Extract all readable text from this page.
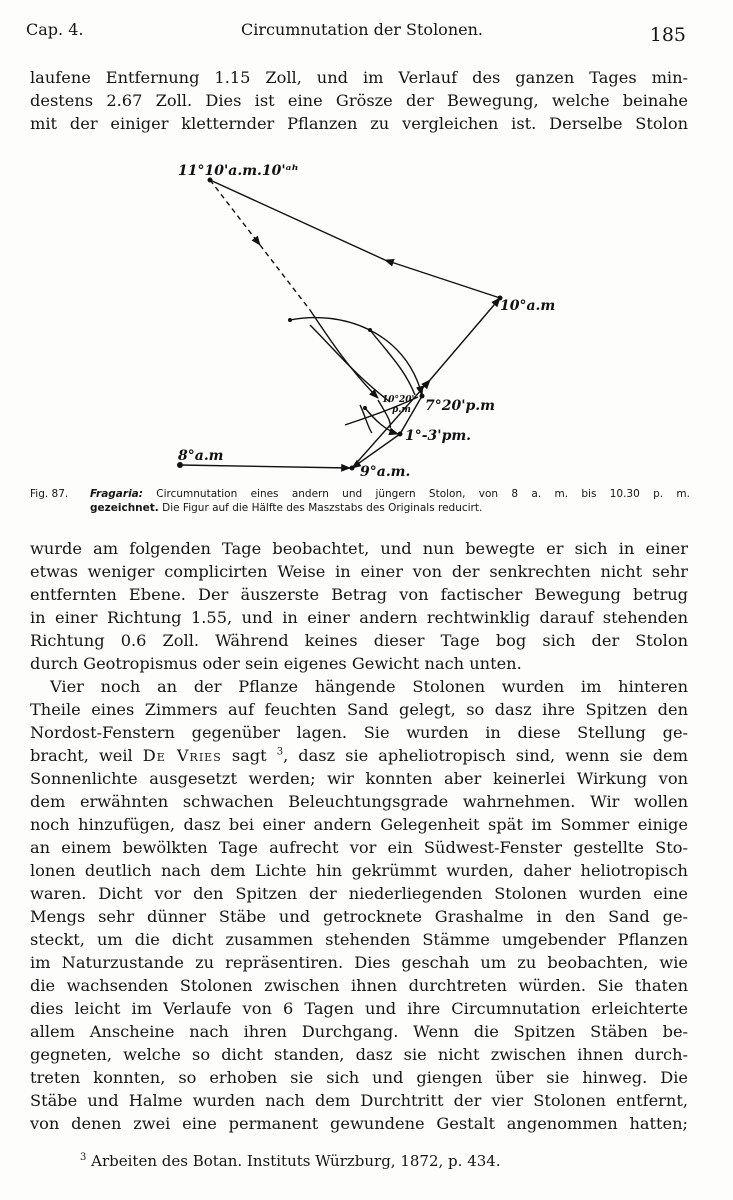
Cap. 4.	Circumnutation der Stolonen.	185
laufene Entfernung 1.15 Zoll, und im Verlauf des ganzen Tages min-
destens 2.67 Zoll. Dies ist eine Grösze der Bewegung, welche beinahe
mit der einiger kletternder Pflanzen zu vergleichen ist. Derselbe Stolon
11°10'a.m.10'ᵃʰ
10°a.m
10°20'
p.m 7°20'p.m
1°-3'pm.
8°a.m
9°a.m.
Fig. 87. Fragaria: Circumnutation eines andern und jüngern Stolon, von 8 a. m. bis 10.30 p. m.
gezeichnet. Die Figur auf die Hälfte des Maszstabs des Originals reducirt.
wurde am folgenden Tage beobachtet, und nun bewegte er sich in einer
etwas weniger complicirten Weise in einer von der senkrechten nicht sehr
entfernten Ebene. Der äuszerste Betrag von factischer Bewegung betrug
in einer Richtung 1.55, und in einer andern rechtwinklig darauf stehenden
Richtung 0.6 Zoll. Während keines dieser Tage bog sich der Stolon
durch Geotropismus oder sein eigenes Gewicht nach unten.
Vier noch an der Pflanze hängende Stolonen wurden im hinteren
Theile eines Zimmers auf feuchten Sand gelegt, so dasz ihre Spitzen den
Nordost-Fenstern gegenüber lagen. Sie wurden in diese Stellung ge-
bracht, weil De Vries sagt $^3$, dasz sie apheliotropisch sind, wenn sie dem
Sonnenlichte ausgesetzt werden; wir konnten aber keinerlei Wirkung von
dem erwähnten schwachen Beleuchtungsgrade wahrnehmen. Wir wollen
noch hinzufügen, dasz bei einer andern Gelegenheit spät im Sommer einige
an einem bewölkten Tage aufrecht vor ein Südwest-Fenster gestellte Sto-
lonen deutlich nach dem Lichte hin gekrümmt wurden, daher heliotropisch
waren. Dicht vor den Spitzen der niederliegenden Stolonen wurden eine
Mengs sehr dünner Stäbe und getrocknete Grashalme in den Sand ge-
steckt, um die dicht zusammen stehenden Stämme umgebender Pflanzen
im Naturzustande zu repräsentiren. Dies geschah um zu beobachten, wie
die wachsenden Stolonen zwischen ihnen durchtreten würden. Sie thaten
dies leicht im Verlaufe von 6 Tagen und ihre Circumnutation erleichterte
allem Anscheine nach ihren Durchgang. Wenn die Spitzen Stäben be-
gegneten, welche so dicht standen, dasz sie nicht zwischen ihnen durch-
treten konnten, so erhoben sie sich und giengen über sie hinweg. Die
Stäbe und Halme wurden nach dem Durchtritt der vier Stolonen entfernt,
von denen zwei eine permanent gewundene Gestalt angenommen hatten;
$^3$ Arbeiten des Botan. Instituts Würzburg, 1872, p. 434.
